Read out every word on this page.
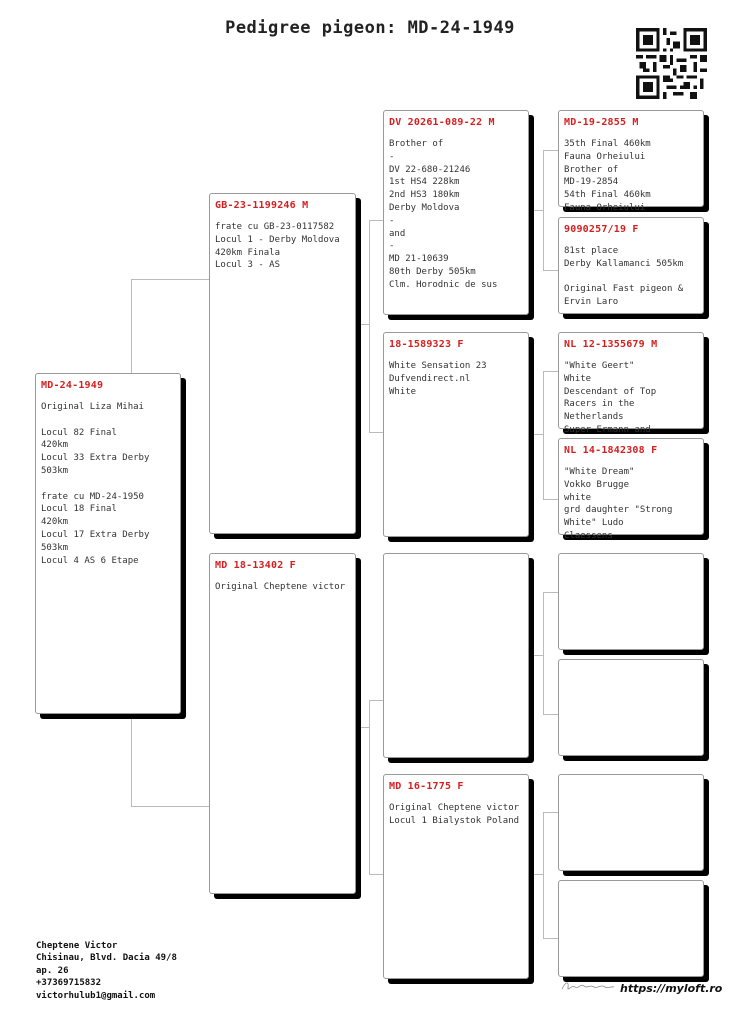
Pedigree pigeon: MD-24-1949
MD-24-1949
Original Liza Mihai

Locul 82 Final
420km
Locul 33 Extra Derby
503km

frate cu MD-24-1950
Locul 18 Final
420km
Locul 17 Extra Derby
503km
Locul 4 AS 6 Etape
GB-23-1199246 M
frate cu GB-23-0117582
Locul 1 - Derby Moldova
420km Finala
Locul 3 - AS
MD 18-13402 F
Original Cheptene victor
DV 20261-089-22 M
Brother of
-
DV 22-680-21246
1st HS4 228km
2nd HS3 180km
Derby Moldova
-
and
-
MD 21-10639
80th Derby 505km
Clm. Horodnic de sus
18-1589323 F
White Sensation 23
Dufvendirect.nl
White
MD 16-1775 F
Original Cheptene victor
Locul 1 Bialystok Poland
MD-19-2855 M
35th Final 460km
Fauna Orheiului
Brother of
MD-19-2854
54th Final 460km
Fauna Orheiului
9090257/19 F
81st place
Derby Kallamanci 505km

Original Fast pigeon &
Ervin Laro
NL 12-1355679 M
"White Geert"
White
Descendant of Top
Racers in the
Netherlands
Super Ermann and
NL 14-1842308 F
"White Dream"
Vokko Brugge
white
grd daughter "Strong
White" Ludo
Claessens
Cheptene Victor
Chisinau, Blvd. Dacia 49/8
ap. 26
+37369715832
victorhulub1@gmail.com
https://myloft.ro
